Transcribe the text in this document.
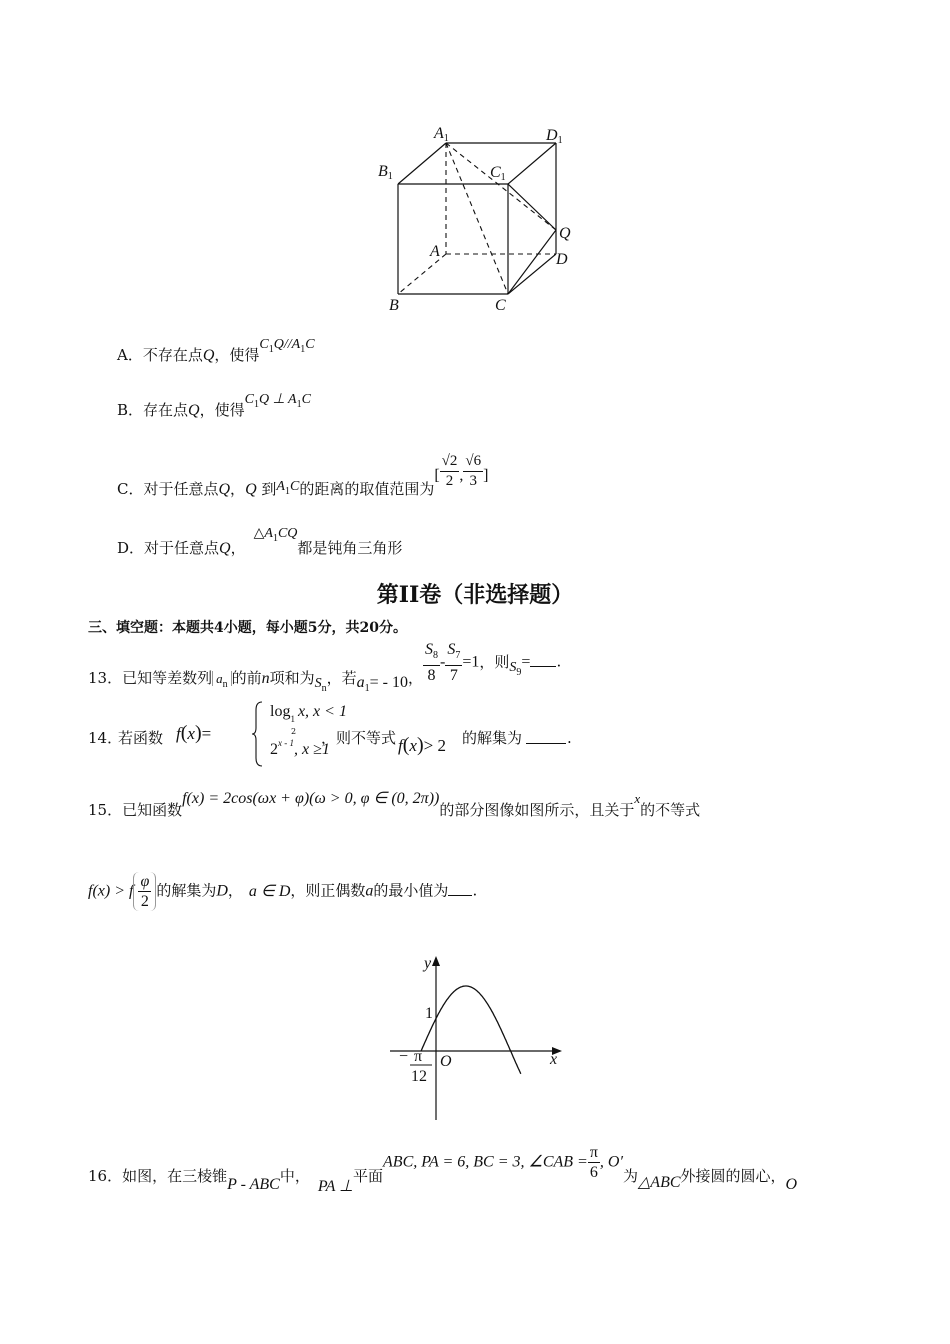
A1	D1
B1	C1
Q
A	D
B	C
A．不存在点Q，使得$C_1Q//A_1C$
B．存在点Q，使得$C_1Q$ ⊥ $A_1C$
C．对于任意点Q，Q 到$A_1C$的距离的取值范围为[ $\frac{√2}{2}$ , $\frac{√6}{3}$ ]
D．对于任意点Q，$\triangle A_1CQ$都是钝角三角形
第II卷（非选择题）
三、填空题：本题共4小题，每小题5分，共20分。
13．已知等差数列 $a_n$ 的前n项和为$S_n$，若$a_1= - 10$， $\frac{S_8}{8} - \frac{S_7}{7} =1$，则$S_9=$ .
14．
若函数 f(x)=
$\log_1 x$, x < 1
2
2$^{x - 1}$, x ≥1
，则不等式 f(x)> 2 的解集为	.
15．已知函数f(x) = 2cos(ωx + φ)(ω > 0, φ ∈ (0, 2π))的部分图像如图所示，且关于x的不等式
f(x) > f $\frac{\varphi}{2}$ 的解集为D， a ∈ D，则正偶数a的最小值为 .
y
x
1
O
− π
12
16．如图，在三棱锥P - ABC中，PA ⊥平面ABC, PA = 6, BC = 3, ∠CAB = $\frac{\pi}{6}$ , O′为△ABC外接圆的圆心，O
